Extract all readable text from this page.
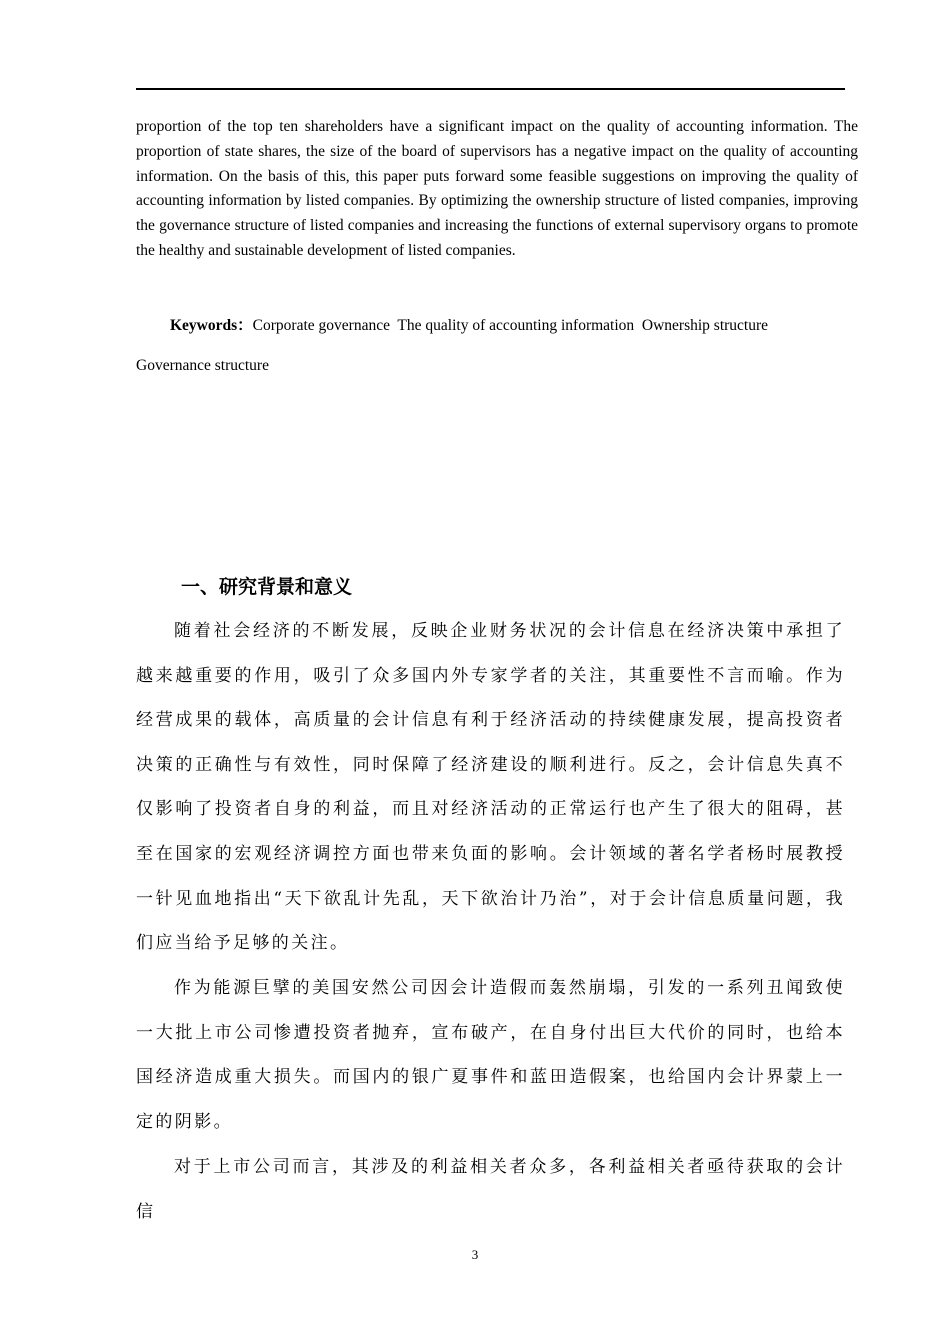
proportion of the top ten shareholders have a significant impact on the quality of accounting information. The proportion of state shares, the size of the board of supervisors has a negative impact on the quality of accounting information. On the basis of this, this paper puts forward some feasible suggestions on improving the quality of accounting information by listed companies. By optimizing the ownership structure of listed companies, improving the governance structure of listed companies and increasing the functions of external supervisory organs to promote the healthy and sustainable development of listed companies.

Keywords：Corporate governance  The quality of accounting information  Ownership structure
Governance structure
一、研究背景和意义

随着社会经济的不断发展，反映企业财务状况的会计信息在经济决策中承担了越来越重要的作用，吸引了众多国内外专家学者的关注，其重要性不言而喻。作为经营成果的载体，高质量的会计信息有利于经济活动的持续健康发展，提高投资者决策的正确性与有效性，同时保障了经济建设的顺利进行。反之，会计信息失真不仅影响了投资者自身的利益，而且对经济活动的正常运行也产生了很大的阻碍，甚至在国家的宏观经济调控方面也带来负面的影响。会计领域的著名学者杨时展教授一针见血地指出“天下欲乱计先乱，天下欲治计乃治”，对于会计信息质量问题，我们应当给予足够的关注。

作为能源巨擘的美国安然公司因会计造假而轰然崩塌，引发的一系列丑闻致使一大批上市公司惨遭投资者抛弃，宣布破产，在自身付出巨大代价的同时，也给本国经济造成重大损失。而国内的银广夏事件和蓝田造假案，也给国内会计界蒙上一定的阴影。

对于上市公司而言，其涉及的利益相关者众多，各利益相关者亟待获取的会计信

3
